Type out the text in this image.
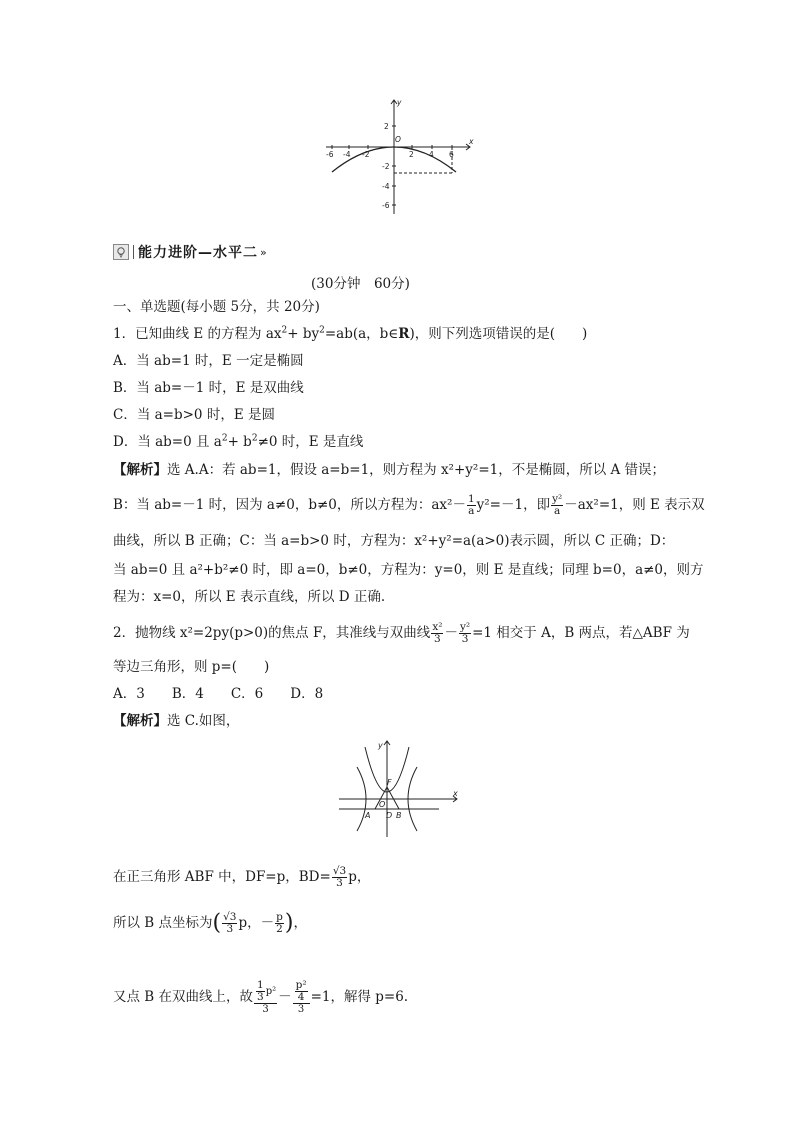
x
y
O
-6 -4 -2	2 4 6
2
-2
-4
-6
能力进阶—水平二 »
(30分钟　60分)
一、单选题(每小题 5分，共 20分)
1．已知曲线 E 的方程为 $ax^2+ by^2=ab(a$，b∈R)，则下列选项错误的是(　　)
A．当 ab=1 时，E 一定是椭圆
B．当 ab=－1 时，E 是双曲线
C．当 a=b>0 时，E 是圆
D．当 ab=0 且 $a^2+ b^2\ne 0$ 时，E 是直线
【解析】选 A.A：若 ab=1，假设 a=b=1，则方程为 x²+y²=1，不是椭圆，所以 A 错误；
B：当 ab=－1 时，因为 a≠0，b≠0，所以方程为：$ax^2- \frac{1}{a} y^2=-1$，即 $\frac{\text{y²}}{a} -ax^2=1$，则 E 表示双
曲线，所以 B 正确；C：当 a=b>0 时，方程为：x²+y²=a(a>0)表示圆，所以 C 正确；D：
当 ab=0 且 a²+b²≠0 时，即 a=0，b≠0，方程为：y=0，则 E 是直线；同理 b=0，a≠0，则方
程为：x=0，所以 E 表示直线，所以 D 正确.
2．抛物线 x²=2py(p>0)的焦点 F，其准线与双曲线 $\frac{\text{x²}}{3} - \frac{\text{y²}}{3} =1$ 相交于 A，B 两点，若△ABF 为
等边三角形，则 p=(　　)
A．3　　B．4　　C．6　　D．8
【解析】选 C.如图，
x
y
F
O
A D B
在正三角形 ABF 中，DF=p，$BD= \frac{√3}{3}$ p，
所以 B 点坐标为( $\frac{√3}{3}$ p，－ $\frac{p}{2}$ )，
又点 B 在双曲线上，故 $\frac{\frac{1}{3} p^2}{3} - \frac{\frac{\text{p²}}{4}}{3} =1$，解得 p=6.
